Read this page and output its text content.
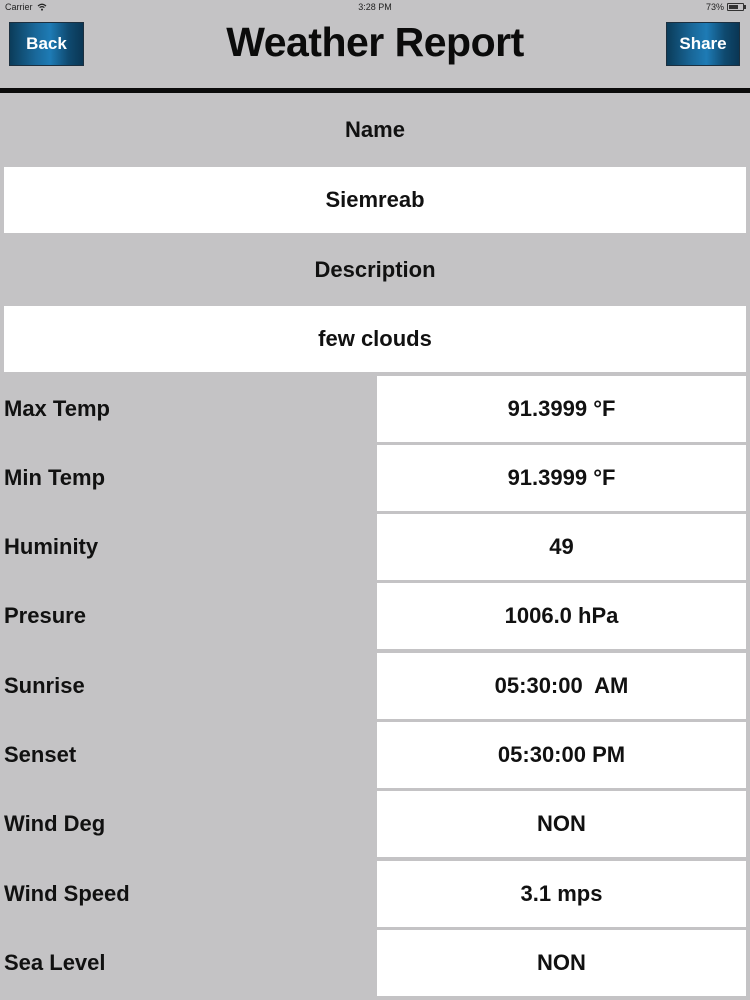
Carrier	3:28 PM	73%
Back	Weather Report	Share
Name
Siemreab
Description
few clouds
Max Temp	91.3999 °F
Min Temp	91.3999 °F
Huminity	49
Presure	1006.0 hPa
Sunrise	05:30:00  AM
Senset	05:30:00 PM
Wind Deg	NON
Wind Speed	3.1 mps
Sea Level	NON
